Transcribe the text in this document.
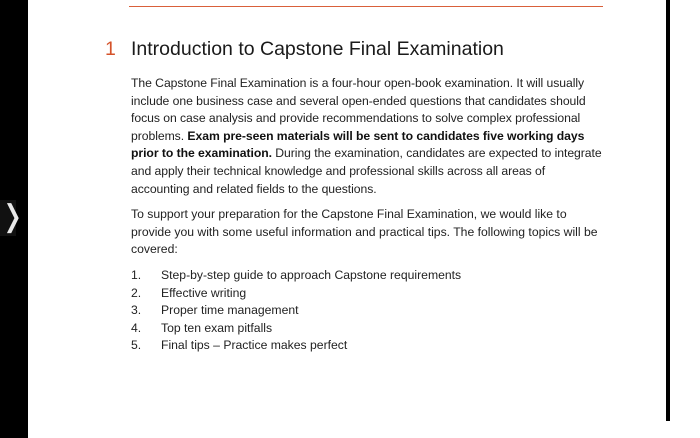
1 Introduction to Capstone Final Examination

The Capstone Final Examination is a four-hour open-book examination. It will usually include one business case and several open-ended questions that candidates should focus on case analysis and provide recommendations to solve complex professional problems. Exam pre-seen materials will be sent to candidates five working days prior to the examination. During the examination, candidates are expected to integrate and apply their technical knowledge and professional skills across all areas of accounting and related fields to the questions.

To support your preparation for the Capstone Final Examination, we would like to provide you with some useful information and practical tips. The following topics will be covered:

1. Step-by-step guide to approach Capstone requirements
2. Effective writing
3. Proper time management
4. Top ten exam pitfalls
5. Final tips – Practice makes perfect
❭
